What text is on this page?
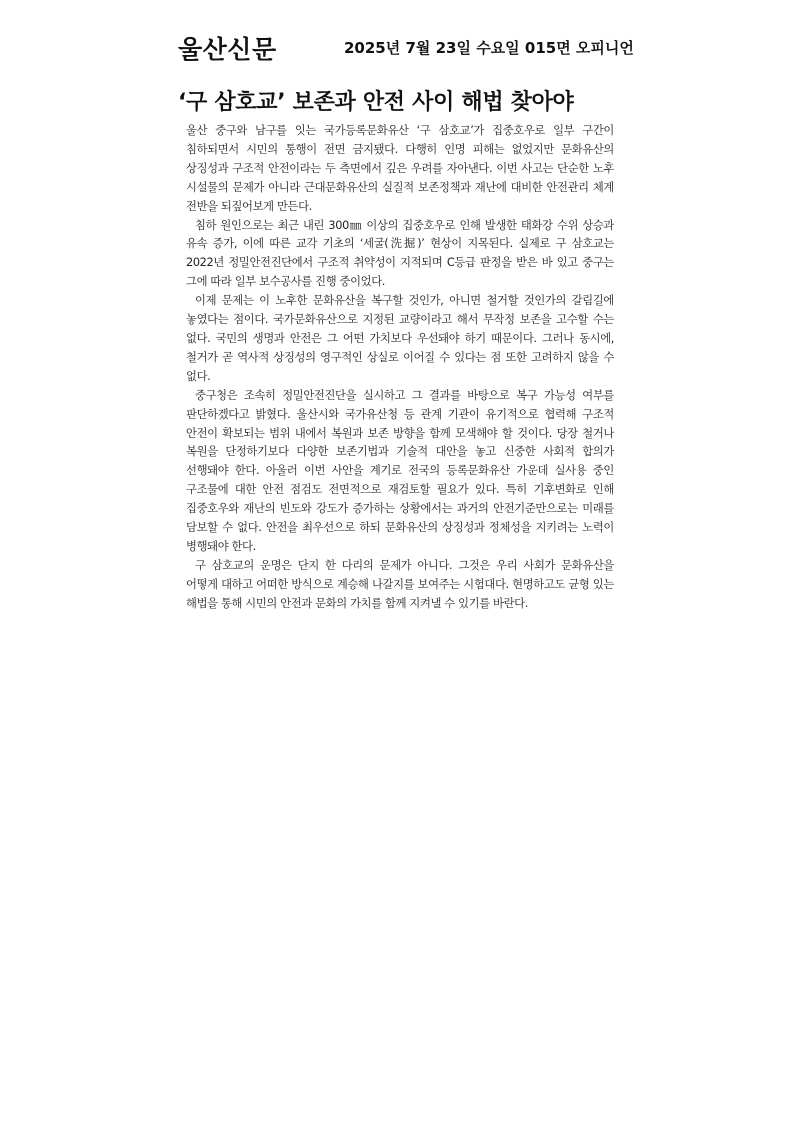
울산신문	2025년 7월 23일 수요일 015면 오피니언
‘구 삼호교’ 보존과 안전 사이 해법 찾아야

울산 중구와 남구를 잇는 국가등록문화유산 ‘구 삼호교’가 집중호우로 일부 구간이 침하되면서 시민의 통행이 전면 금지됐다. 다행히 인명 피해는 없었지만 문화유산의 상징성과 구조적 안전이라는 두 측면에서 깊은 우려를 자아낸다. 이번 사고는 단순한 노후 시설물의 문제가 아니라 근대문화유산의 실질적 보존정책과 재난에 대비한 안전관리 체계 전반을 되짚어보게 만든다.

침하 원인으로는 최근 내린 300㎜ 이상의 집중호우로 인해 발생한 태화강 수위 상승과 유속 증가, 이에 따른 교각 기초의 ‘세굴(洗掘)’ 현상이 지목된다. 실제로 구 삼호교는 2022년 정밀안전진단에서 구조적 취약성이 지적되며 C등급 판정을 받은 바 있고 중구는 그에 따라 일부 보수공사를 진행 중이었다.

이제 문제는 이 노후한 문화유산을 복구할 것인가, 아니면 철거할 것인가의 갈림길에 놓였다는 점이다. 국가문화유산으로 지정된 교량이라고 해서 무작정 보존을 고수할 수는 없다. 국민의 생명과 안전은 그 어떤 가치보다 우선돼야 하기 때문이다. 그러나 동시에, 철거가 곧 역사적 상징성의 영구적인 상실로 이어질 수 있다는 점 또한 고려하지 않을 수 없다.

중구청은 조속히 정밀안전진단을 실시하고 그 결과를 바탕으로 복구 가능성 여부를 판단하겠다고 밝혔다. 울산시와 국가유산청 등 관계 기관이 유기적으로 협력해 구조적 안전이 확보되는 범위 내에서 복원과 보존 방향을 함께 모색해야 할 것이다. 당장 철거나 복원을 단정하기보다 다양한 보존기법과 기술적 대안을 놓고 신중한 사회적 합의가 선행돼야 한다. 아울러 이번 사안을 계기로 전국의 등록문화유산 가운데 실사용 중인 구조물에 대한 안전 점검도 전면적으로 재검토할 필요가 있다. 특히 기후변화로 인해 집중호우와 재난의 빈도와 강도가 증가하는 상황에서는 과거의 안전기준만으로는 미래를 담보할 수 없다. 안전을 최우선으로 하되 문화유산의 상징성과 정체성을 지키려는 노력이 병행돼야 한다.

구 삼호교의 운명은 단지 한 다리의 문제가 아니다. 그것은 우리 사회가 문화유산을 어떻게 대하고 어떠한 방식으로 계승해 나갈지를 보여주는 시험대다. 현명하고도 균형 있는 해법을 통해 시민의 안전과 문화의 가치를 함께 지켜낼 수 있기를 바란다.
